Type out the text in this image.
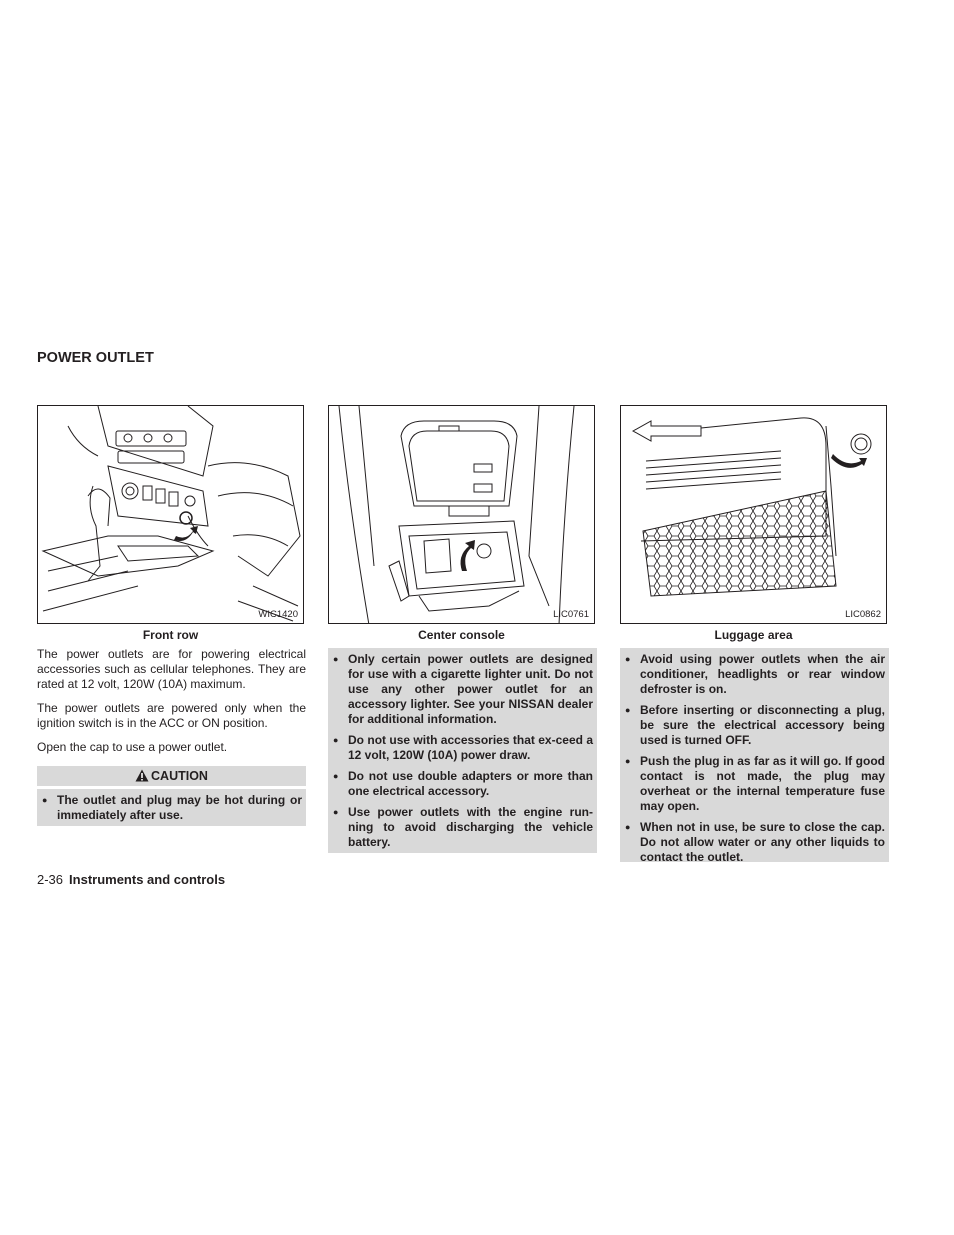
POWER OUTLET
WIC1420
Front row
LIC0761
Center console
LIC0862
Luggage area

The power outlets are for powering electrical accessories such as cellular telephones. They are rated at 12 volt, 120W (10A) maximum.

The power outlets are powered only when the ignition switch is in the ACC or ON position.

Open the cap to use a power outlet.

CAUTION
● The outlet and plug may be hot during or immediately after use.
● Only certain power outlets are designed for use with a cigarette lighter unit. Do not use any other power outlet for an accessory lighter. See your NISSAN dealer for additional information.
● Do not use with accessories that ex-ceed a 12 volt, 120W (10A) power draw.
● Do not use double adapters or more than one electrical accessory.
● Use power outlets with the engine run-ning to avoid discharging the vehicle battery.
● Avoid using power outlets when the air conditioner, headlights or rear window defroster is on.
● Before inserting or disconnecting a plug, be sure the electrical accessory being used is turned OFF.
● Push the plug in as far as it will go. If good contact is not made, the plug may overheat or the internal temperature fuse may open.
● When not in use, be sure to close the cap. Do not allow water or any other liquids to contact the outlet.
2-36 Instruments and controls
